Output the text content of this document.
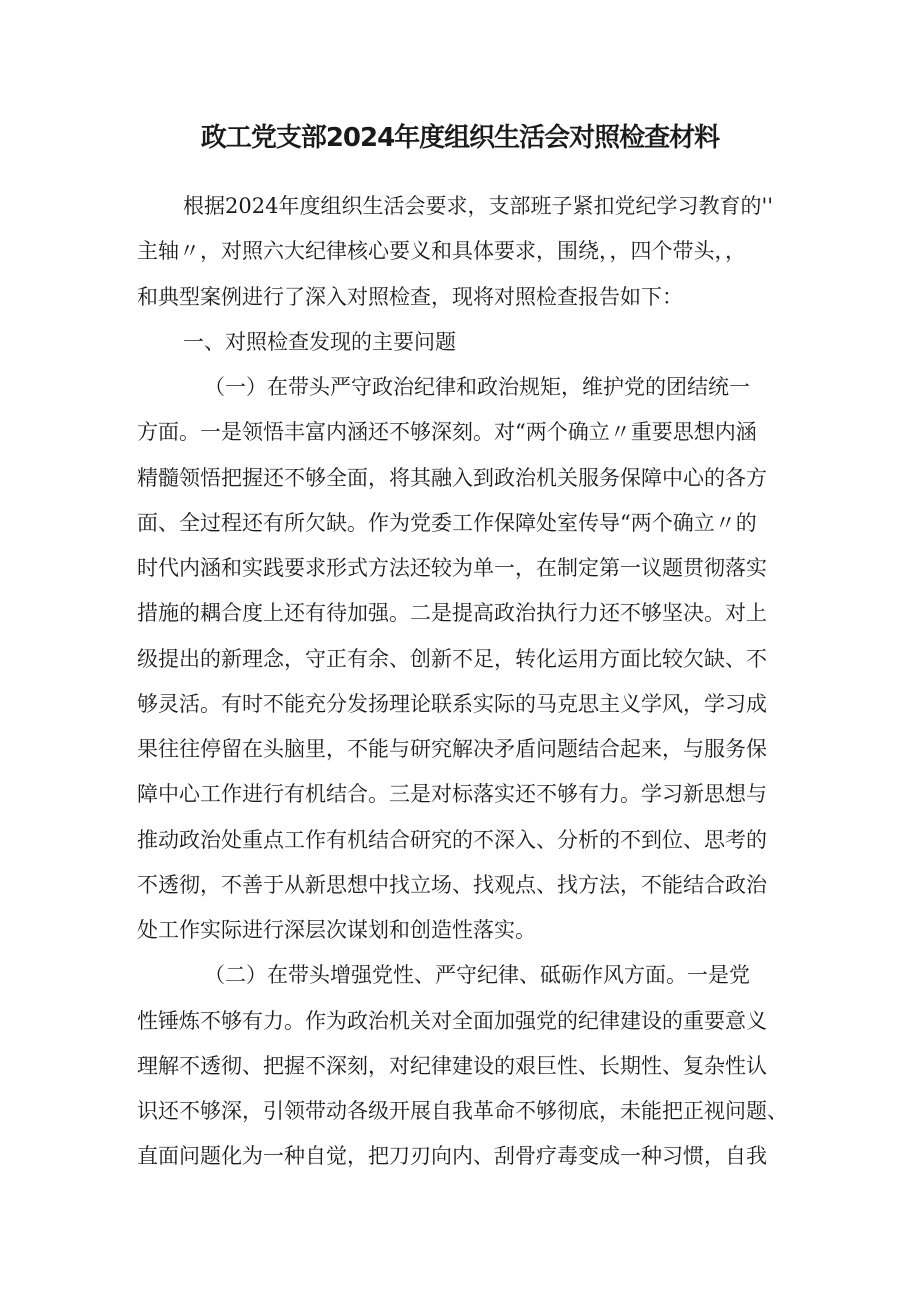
政工党支部2024年度组织生活会对照检查材料
根据2024年度组织生活会要求，支部班子紧扣党纪学习教育的''
主轴〃，对照六大纪律核心要义和具体要求，围绕，，四个带头，，
和典型案例进行了深入对照检查，现将对照检查报告如下：
一、对照检查发现的主要问题
（一）在带头严守政治纪律和政治规矩，维护党的团结统一
方面。一是领悟丰富内涵还不够深刻。对“两个确立〃重要思想内涵
精髓领悟把握还不够全面，将其融入到政治机关服务保障中心的各方
面、全过程还有所欠缺。作为党委工作保障处室传导“两个确立〃的
时代内涵和实践要求形式方法还较为单一，在制定第一议题贯彻落实
措施的耦合度上还有待加强。二是提高政治执行力还不够坚决。对上
级提出的新理念，守正有余、创新不足，转化运用方面比较欠缺、不
够灵活。有时不能充分发扬理论联系实际的马克思主义学风，学习成
果往往停留在头脑里，不能与研究解决矛盾问题结合起来，与服务保
障中心工作进行有机结合。三是对标落实还不够有力。学习新思想与
推动政治处重点工作有机结合研究的不深入、分析的不到位、思考的
不透彻，不善于从新思想中找立场、找观点、找方法，不能结合政治
处工作实际进行深层次谋划和创造性落实。
（二）在带头增强党性、严守纪律、砥砺作风方面。一是党
性锤炼不够有力。作为政治机关对全面加强党的纪律建设的重要意义
理解不透彻、把握不深刻，对纪律建设的艰巨性、长期性、复杂性认
识还不够深，引领带动各级开展自我革命不够彻底，未能把正视问题、
直面问题化为一种自觉，把刀刃向内、刮骨疗毒变成一种习惯，自我
